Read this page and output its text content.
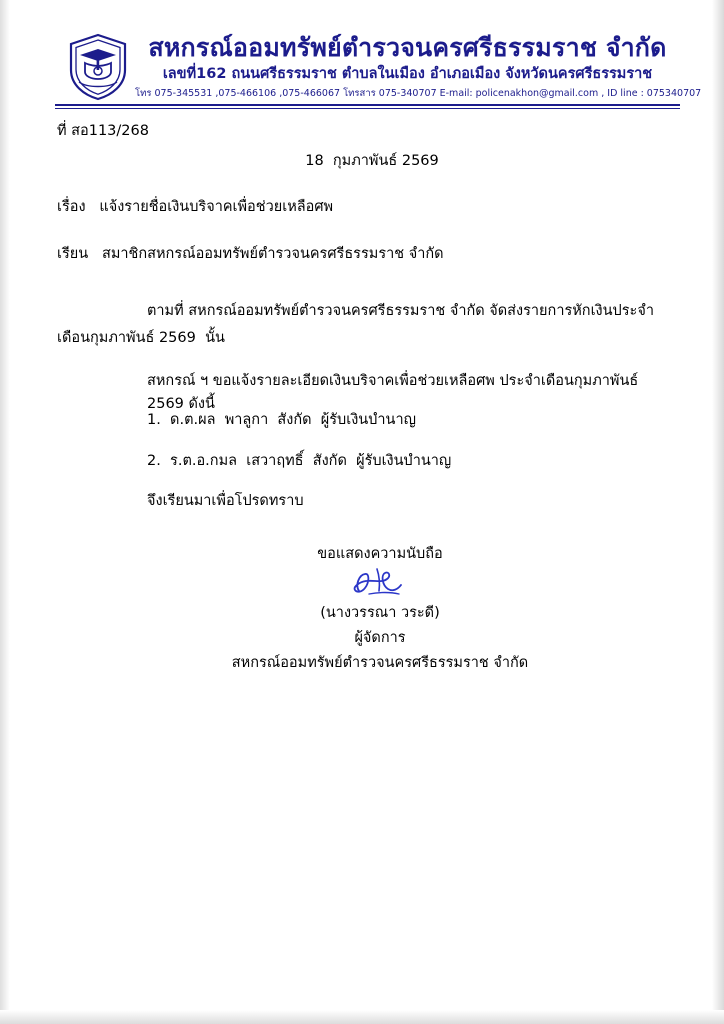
สหกรณ์ออมทรัพย์ตำรวจนครศรีธรรมราช จำกัด
เลขที่162 ถนนศรีธรรมราช ตำบลในเมือง อำเภอเมือง จังหวัดนครศรีธรรมราช
โทร 075-345531 ,075-466106 ,075-466067 โทรสาร 075-340707 E-mail: policenakhon@gmail.com , ID line : 075340707
ที่ สอ113/268
18  กุมภาพันธ์ 2569
เรื่อง   แจ้งรายชื่อเงินบริจาคเพื่อช่วยเหลือศพ
เรียน   สมาชิกสหกรณ์ออมทรัพย์ตำรวจนครศรีธรรมราช จำกัด
ตามที่ สหกรณ์ออมทรัพย์ตำรวจนครศรีธรรมราช จำกัด จัดส่งรายการหักเงินประจำเดือนกุมภาพันธ์ 2569  นั้น
สหกรณ์ ฯ ขอแจ้งรายละเอียดเงินบริจาคเพื่อช่วยเหลือศพ ประจำเดือนกุมภาพันธ์ 2569 ดังนี้
1.  ด.ต.ผล  พาลูกา  สังกัด  ผู้รับเงินบำนาญ
2.  ร.ต.อ.กมล  เสวาฤทธิ์  สังกัด  ผู้รับเงินบำนาญ
จึงเรียนมาเพื่อโปรดทราบ
ขอแสดงความนับถือ
(นางวรรณา วระดี)
ผู้จัดการ
สหกรณ์ออมทรัพย์ตำรวจนครศรีธรรมราช จำกัด
